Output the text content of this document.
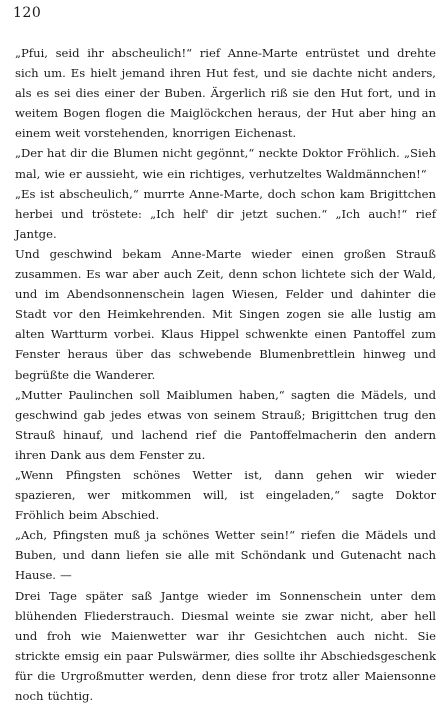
120

„Pfui, seid ihr abscheulich!“ rief Anne-Marte entrüstet und drehte sich um. Es hielt jemand ihren Hut fest, und sie dachte nicht anders, als es sei dies einer der Buben. Ärgerlich riß sie den Hut fort, und in weitem Bogen flogen die Maiglöckchen heraus, der Hut aber hing an einem weit vorstehenden, knorrigen Eichenast.

„Der hat dir die Blumen nicht gegönnt,“ neckte Doktor Fröhlich. „Sieh mal, wie er aussieht, wie ein richtiges, verhutzeltes Waldmännchen!“

„Es ist abscheulich,“ murrte Anne-Marte, doch schon kam Brigittchen herbei und tröstete: „Ich helf' dir jetzt suchen.“ „Ich auch!“ rief Jantge.

Und geschwind bekam Anne-Marte wieder einen großen Strauß zusammen. Es war aber auch Zeit, denn schon lichtete sich der Wald, und im Abendsonnenschein lagen Wiesen, Felder und dahinter die Stadt vor den Heimkehrenden. Mit Singen zogen sie alle lustig am alten Wartturm vorbei. Klaus Hippel schwenkte einen Pantoffel zum Fenster heraus über das schwebende Blumenbrettlein hinweg und begrüßte die Wanderer.

„Mutter Paulinchen soll Maiblumen haben,“ sagten die Mädels, und geschwind gab jedes etwas von seinem Strauß; Brigittchen trug den Strauß hinauf, und lachend rief die Pantoffelmacherin den andern ihren Dank aus dem Fenster zu.

„Wenn Pfingsten schönes Wetter ist, dann gehen wir wieder spazieren, wer mitkommen will, ist eingeladen,“ sagte Doktor Fröhlich beim Abschied.

„Ach, Pfingsten muß ja schönes Wetter sein!“ riefen die Mädels und Buben, und dann liefen sie alle mit Schöndank und Gutenacht nach Hause. —

Drei Tage später saß Jantge wieder im Sonnenschein unter dem blühenden Fliederstrauch. Diesmal weinte sie zwar nicht, aber hell und froh wie Maienwetter war ihr Gesichtchen auch nicht. Sie strickte emsig ein paar Pulswärmer, dies sollte ihr Abschiedsgeschenk für die Urgroßmutter werden, denn diese fror trotz aller Maiensonne noch tüchtig.
